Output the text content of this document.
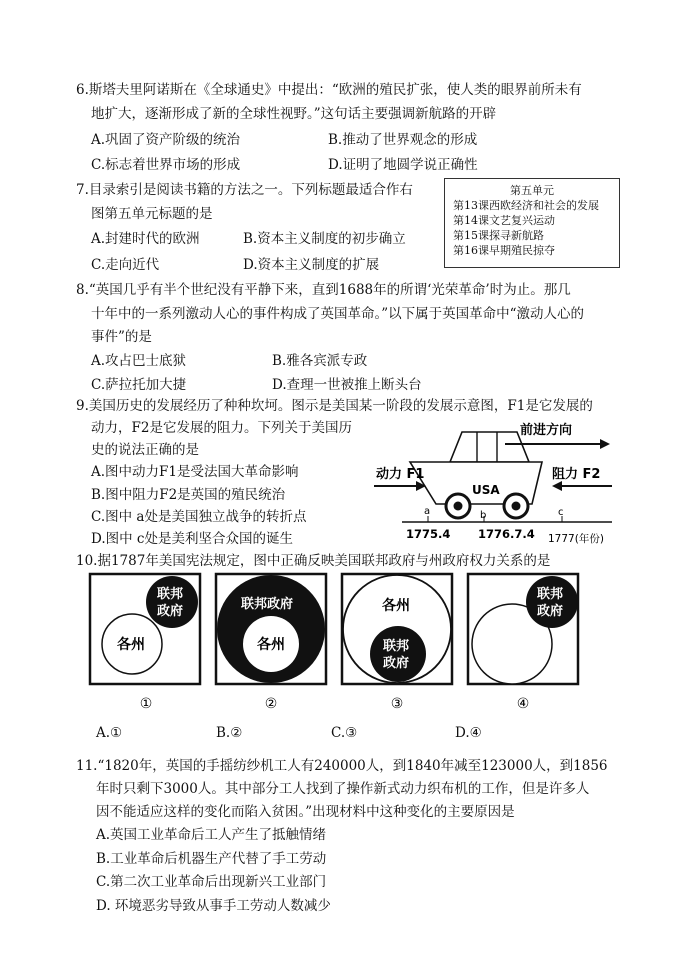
6.斯塔夫里阿诺斯在《全球通史》中提出：“欧洲的殖民扩张，使人类的眼界前所未有
地扩大，逐渐形成了新的全球性视野。”这句话主要强调新航路的开辟
A.巩固了资产阶级的统治	B.推动了世界观念的形成
C.标志着世界市场的形成	D.证明了地圆学说正确性
7.目录索引是阅读书籍的方法之一。下列标题最适合作右
图第五单元标题的是
A.封建时代的欧洲	B.资本主义制度的初步确立
C.走向近代	D.资本主义制度的扩展
第五单元
第13课西欧经济和社会的发展
第14课文艺复兴运动
第15课探寻新航路
第16课早期殖民掠夺
8.“英国几乎有半个世纪没有平静下来，直到1688年的所谓‘光荣革命’时为止。那几
十年中的一系列激动人心的事件构成了英国革命。”以下属于英国革命中“激动人心的
事件”的是
A.攻占巴士底狱	B.雅各宾派专政
C.萨拉托加大捷	D.查理一世被推上断头台
9.美国历史的发展经历了种种坎坷。图示是美国某一阶段的发展示意图，F1是它发展的
动力，F2是它发展的阻力。下列关于美国历
史的说法正确的是
A.图中动力F1是受法国大革命影响
B.图中阻力F2是英国的殖民统治
C.图中 a处是美国独立战争的转折点
D.图中 c处是美利坚合众国的诞生
USA
前进方向
动力 F1	阻力 F2
a	b	c
1775.4 1776.7.4 1777(年份)
10.据1787年美国宪法规定，图中正确反映美国联邦政府与州政府权力关系的是
各州
联邦
政府	联邦政府
各州
各州
联邦
政府
联邦
政府
①	②	③	④
A.①	B.②	C.③	D.④
11.“1820年，英国的手摇纺纱机工人有240000人，到1840年减至123000人，到1856
年时只剩下3000人。其中部分工人找到了操作新式动力织布机的工作，但是许多人
因不能适应这样的变化而陷入贫困。”出现材料中这种变化的主要原因是
A.英国工业革命后工人产生了抵触情绪
B.工业革命后机器生产代替了手工劳动
C.第二次工业革命后出现新兴工业部门
D. 环境恶劣导致从事手工劳动人数减少
